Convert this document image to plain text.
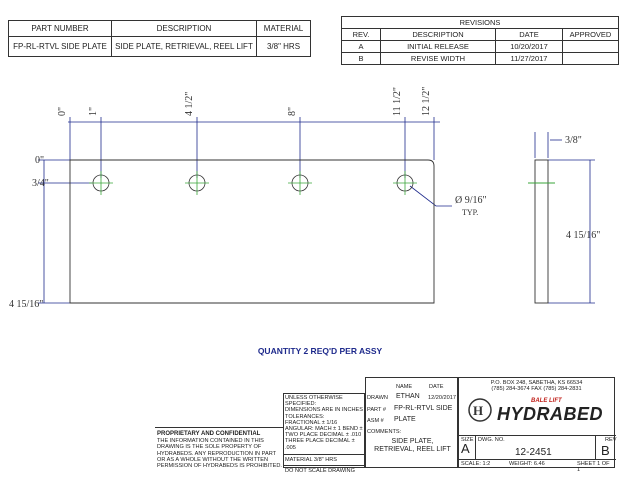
PART NUMBER	DESCRIPTION	MATERIAL
FP-RL-RTVL SIDE PLATE	SIDE PLATE, RETRIEVAL, REEL LIFT	3/8" HRS
REVISIONS			
REV.	DESCRIPTION	DATE	APPROVED
A	INITIAL RELEASE	10/20/2017	
B	REVISE WIDTH	11/27/2017	
0" 1"	4 1/2"	8"	11 1/2" 12 1/2"
0"
3/4"
4 15/16"
Ø 9/16"
TYP.
3/8"
4 15/16"
QUANTITY 2 REQ'D PER ASSY
PROPRIETARY AND CONFIDENTIAL
THE INFORMATION CONTAINED IN THIS
DRAWING IS THE SOLE PROPERTY OF
HYDRABEDS. ANY REPRODUCTION IN PART
OR AS A WHOLE WITHOUT THE WRITTEN
PERMISSION OF HYDRABEDS IS PROHIBITED.
UNLESS OTHERWISE SPECIFIED:
DIMENSIONS ARE IN INCHES
TOLERANCES:
FRACTIONAL ± 1/16
ANGULAR: MACH ± 1 BEND ±
TWO PLACE DECIMAL ± .010
THREE PLACE DECIMAL ± .005
MATERIAL 3/8" HRS
DO NOT SCALE DRAWING
NAME	DATE
DRAWN ETHAN 12/20/2017
PART # FP-RL-RTVL SIDE
ASM # PLATE
COMMENTS:
SIDE PLATE,
RETRIEVAL, REEL LIFT
P.O. BOX 248, SABETHA, KS 66534
(785) 284-3674 FAX (785) 284-2831
H
BALE LIFT
HYDRABED
SIZE
A
DWG. NO.
12-2451
REV
B
SCALE: 1:2	WEIGHT: 6.46	SHEET 1 OF 1
